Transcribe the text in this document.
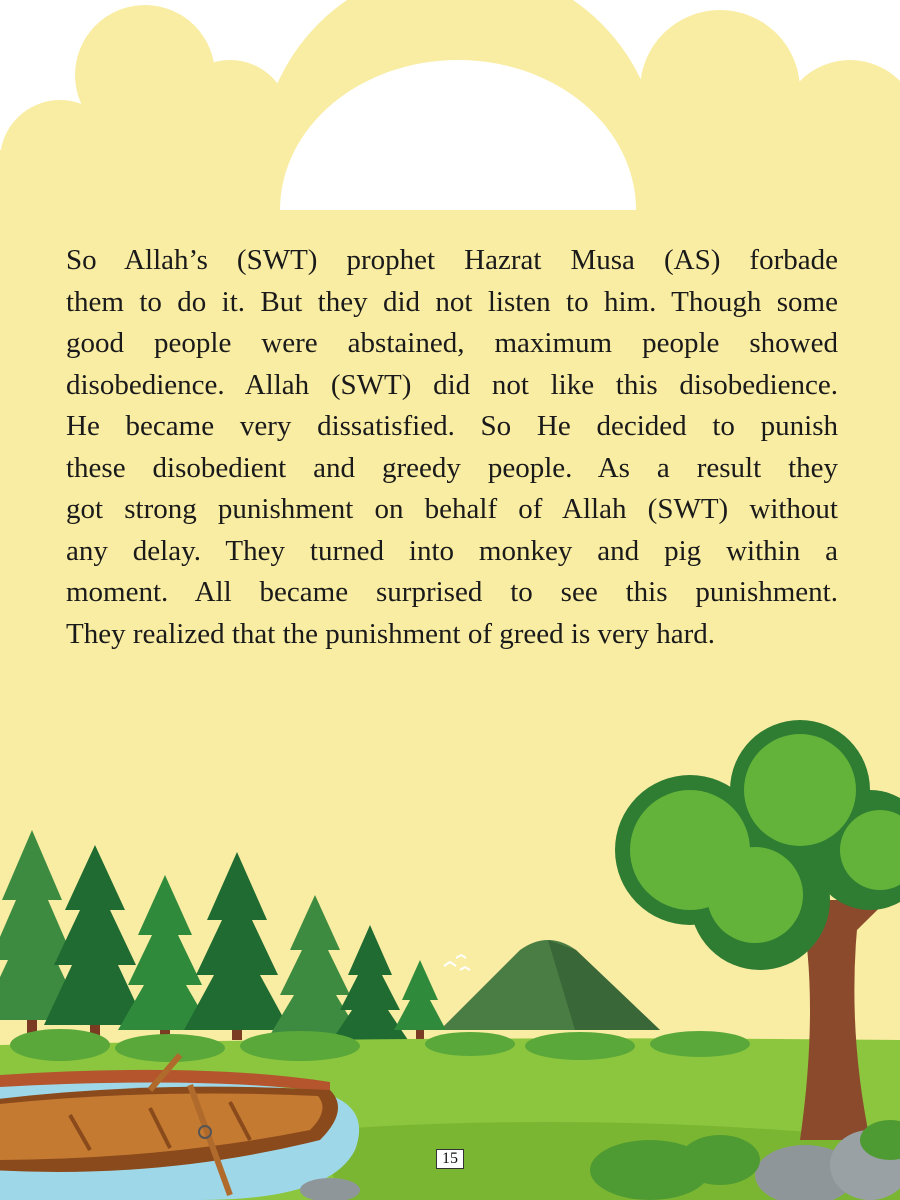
So Allah’s (SWT) prophet Hazrat Musa (AS) forbade
them to do it. But they did not listen to him. Though some
good people were abstained, maximum people showed
disobedience. Allah (SWT) did not like this disobedience.
He became very dissatisfied. So He decided to punish
these disobedient and greedy people. As a result they
got strong punishment on behalf of Allah (SWT) without
any delay. They turned into monkey and pig within a
moment. All became surprised to see this punishment.
They realized that the punishment of greed is very hard.
15
